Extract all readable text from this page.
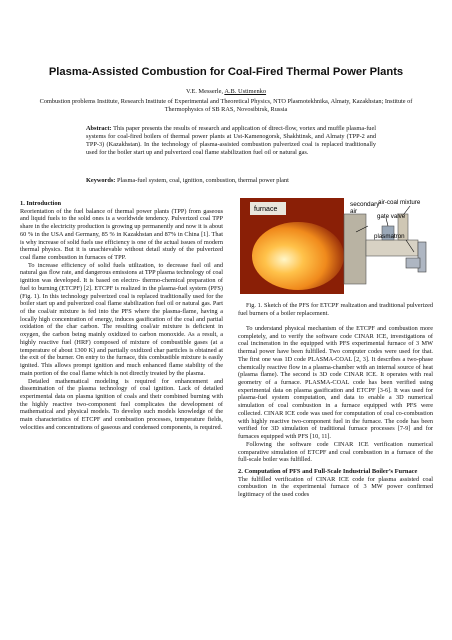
Plasma-Assisted Combustion for Coal-Fired Thermal Power Plants
V.E. Messerle, A.B. Ustimenko
Combustion problems Institute, Research Institute of Experimental and Theoretical Physics, NTO Plasmotekhnika, Almaty, Kazakhstan; Institute of Thermophysics of SB RAS, Novosibirsk, Russia
Abstract: This paper presents the results of research and application of direct-flow, vortex and muffle plasma-fuel systems for coal-fired boilers of thermal power plants at Ust-Kamenogorsk, Shakhtinsk, and Almaty (TPP-2 and TPP-3) (Kazakhstan). In the technology of plasma-assisted combustion pulverized coal is replaced traditionally used for the boiler start up and pulverized coal flame stabilization fuel oil or natural gas.
Keywords: Plasma-fuel system, coal, ignition, combustion, thermal power plant
1. Introduction

Reorientation of the fuel balance of thermal power plants (TPP) from gaseous and liquid fuels to the solid ones is a worldwide tendency. Pulverized coal TPP share in the electricity production is growing up permanently and now it is about 60 % in the USA and Germany, 85 % in Kazakhstan and 87% in China [1]. That is why increase of solid fuels use efficiency is one of the actual issues of modern thermal physics. But it is unachievable without detail study of the pulverized coal flame combustion in furnaces of TPP.

To increase efficiency of solid fuels utilization, to decrease fuel oil and natural gas flow rate, and dangerous emissions at TPP plasma technology of coal ignition was developed. It is based on electro- thermo-chemical preparation of fuel to burning (ETCPF) [2]. ETCPF is realized in the plasma-fuel system (PFS) (Fig. 1). In this technology pulverized coal is replaced traditionally used for the boiler start up and pulverized coal flame stabilization fuel oil or natural gas. Part of the coal/air mixture is fed into the PFS where the plasma-flame, having a locally high concentration of energy, induces gasification of the coal and partial oxidation of the char carbon. The resulting coal/air mixture is deficient in oxygen, the carbon being mainly oxidized to carbon monoxide. As a result, a highly reactive fuel (HRF) composed of mixture of combustible gases (at a temperature of about 1300 K) and partially oxidized char particles is obtained at the exit of the burner. On entry to the furnace, this combustible mixture is easily ignited. This allows prompt ignition and much enhanced flame stability of the main portion of the coal flame which is not directly treated by the plasma.

Detailed mathematical modeling is required for enhancement and dissemination of the plasma technology of coal ignition. Lack of detailed experimental data on plasma ignition of coals and their combined burning with the highly reactive two-component fuel complicates the development of mathematical and physical models. To develop such models knowledge of the main characteristics of ETCPF and combustion processes, temperature fields, velocities and concentrations of gaseous and condensed components, is required.

furnace
secondary
air
air-coal mixture
gate valve
plasmatron
Fig. 1. Sketch of the PFS for ETCPF realization and traditional pulverized fuel burners of a boiler replacement.

To understand physical mechanism of the ETCPF and combustion more completely, and to verify the software code CINAR ICE, investigations of coal incineration in the equipped with PFS experimental furnace of 3 MW thermal power have been fulfilled. Two computer codes were used for that. The first one was 1D code PLASMA-COAL [2, 3]. It describes a two-phase chemically reactive flow in a plasma-chamber with an internal source of heat (plasma flame). The second is 3D code CINAR ICE. It operates with real geometry of a furnace. PLASMA-COAL code has been verified using experimental data on plasma gasification and ETCPF [3-6]. It was used for plasma-fuel system computation, and data to enable a 3D numerical simulation of coal combustion in a furnace equipped with PFS were collected. CINAR ICE code was used for computation of coal co-combustion with highly reactive two-component fuel in the furnace. The code has been verified for 3D simulation of traditional furnace processes [7-9] and for furnaces equipped with PFS [10, 11].

Following the software code CINAR ICE verification numerical comparative simulation of ETCPF and coal combustion in a furnace of the full-scale boiler was fulfilled.

2. Computation of PFS and Full-Scale Industrial Boiler’s Furnace

The fulfilled verification of CINAR ICE code for plasma assisted coal combustion in the experimental furnace of 3 MW power confirmed legitimacy of the used codes
